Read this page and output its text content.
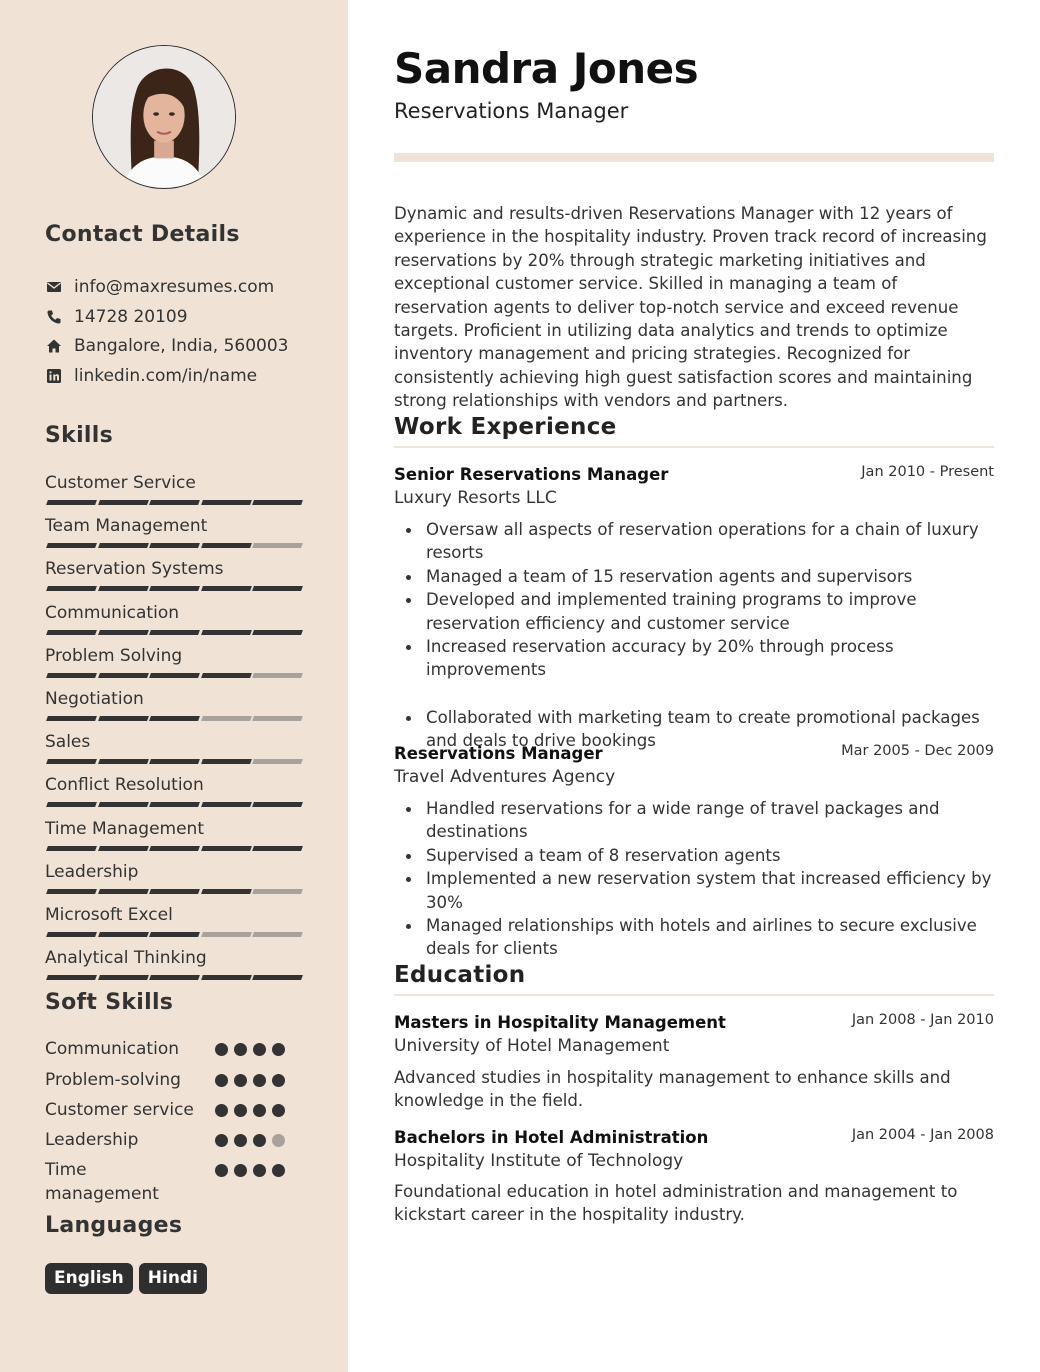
Contact Details
info@maxresumes.com
14728 20109
Bangalore, India, 560003
linkedin.com/in/name
Skills
Customer Service
Team Management
Reservation Systems
Communication
Problem Solving
Negotiation
Sales
Conflict Resolution
Time Management
Leadership
Microsoft Excel
Analytical Thinking
Soft Skills
Communication
Problem-solving
Customer service
Leadership
Time management
Languages
English	Hindi
Sandra Jones
Reservations Manager
Dynamic and results-driven Reservations Manager with 12 years of experience in the hospitality industry. Proven track record of increasing reservations by 20% through strategic marketing initiatives and exceptional customer service. Skilled in managing a team of reservation agents to deliver top-notch service and exceed revenue targets. Proficient in utilizing data analytics and trends to optimize inventory management and pricing strategies. Recognized for consistently achieving high guest satisfaction scores and maintaining strong relationships with vendors and partners.
Work Experience
Senior Reservations Manager	Jan 2010 - Present
Luxury Resorts LLC
Oversaw all aspects of reservation operations for a chain of luxury resorts
Managed a team of 15 reservation agents and supervisors
Developed and implemented training programs to improve reservation efficiency and customer service
Increased reservation accuracy by 20% through process improvements
Collaborated with marketing team to create promotional packages and deals to drive bookings
Reservations Manager	Mar 2005 - Dec 2009
Travel Adventures Agency
Handled reservations for a wide range of travel packages and destinations
Supervised a team of 8 reservation agents
Implemented a new reservation system that increased efficiency by 30%
Managed relationships with hotels and airlines to secure exclusive deals for clients
Education
Masters in Hospitality Management	Jan 2008 - Jan 2010
University of Hotel Management
Advanced studies in hospitality management to enhance skills and knowledge in the field.
Bachelors in Hotel Administration	Jan 2004 - Jan 2008
Hospitality Institute of Technology
Foundational education in hotel administration and management to kickstart career in the hospitality industry.
